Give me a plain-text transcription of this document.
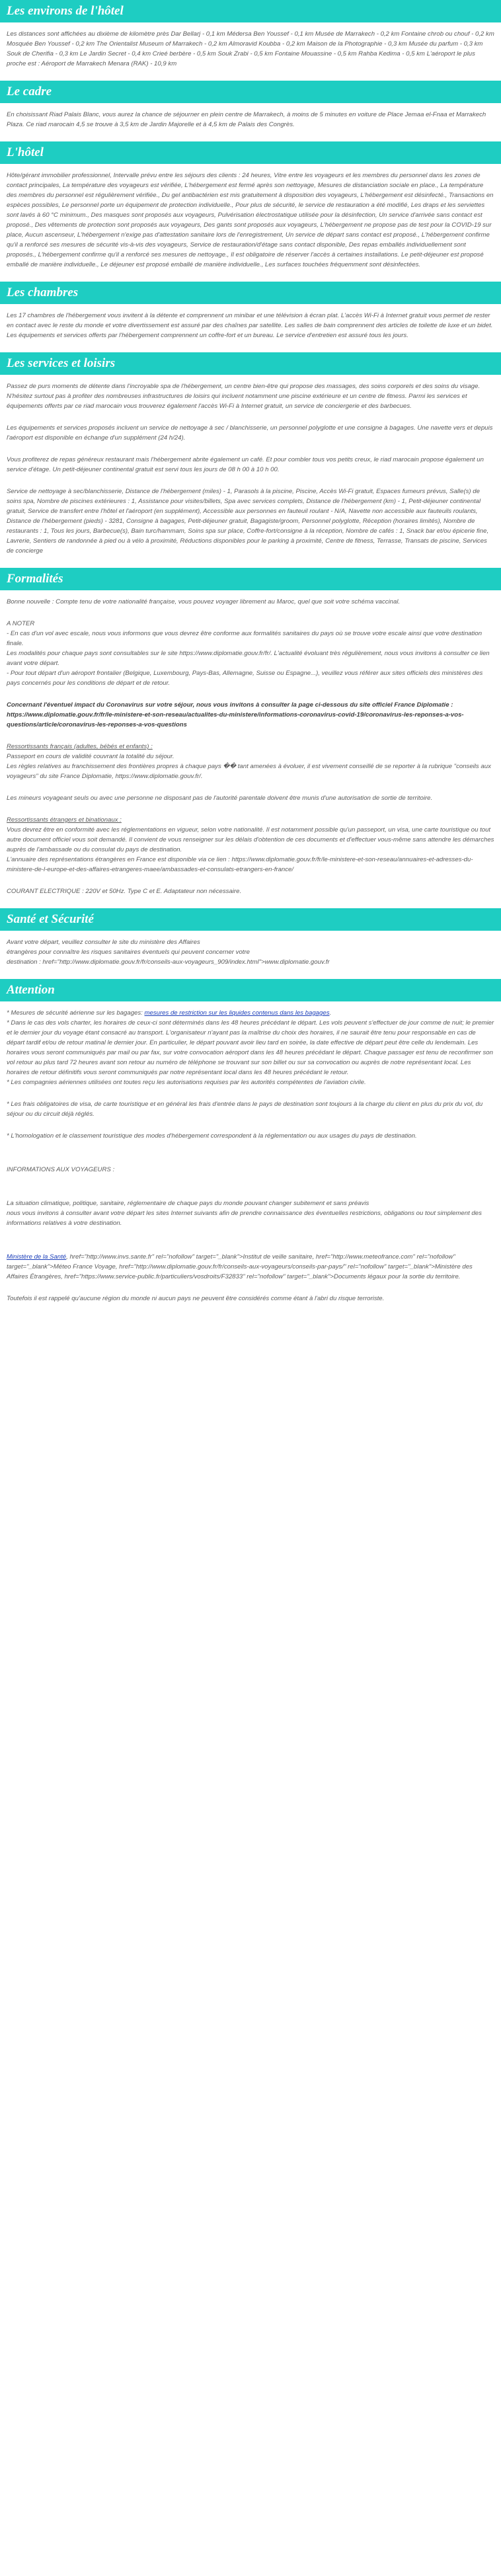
Les environs de l'hôtel

Les distances sont affichées au dixième de kilomètre près Dar Bellarj - 0,1 km Médersa Ben Youssef - 0,1 km Musée de Marrakech - 0,2 km Fontaine chrob ou chouf - 0,2 km Mosquée Ben Youssef - 0,2 km The Orientalist Museum of Marrakech - 0,2 km Almoravid Koubba - 0,2 km Maison de la Photographie - 0,3 km Musée du parfum - 0,3 km Souk de Cherifia - 0,3 km Le Jardin Secret - 0,4 km Crieé berbère - 0,5 km Souk Zrabi - 0,5 km Fontaine Mouassine - 0,5 km Rahba Kedima - 0,5 km L'aéroport le plus proche est : Aéroport de Marrakech Menara (RAK) - 10,9 km

Le cadre

En choisissant Riad Palais Blanc, vous aurez la chance de séjourner en plein centre de Marrakech, à moins de 5 minutes en voiture de Place Jemaa el-Fnaa et Marrakech Plaza. Ce riad marocain 4,5 se trouve à 3,5 km de Jardin Majorelle et à 4,5 km de Palais des Congrès.

L'hôtel

Hôte/gérant immobilier professionnel, Intervalle prévu entre les séjours des clients : 24 heures, Vitre entre les voyageurs et les membres du personnel dans les zones de contact principales, La température des voyageurs est vérifiée, L'hébergement est fermé après son nettoyage, Mesures de distanciation sociale en place., La température des membres du personnel est régulièrement vérifiée., Du gel antibactérien est mis gratuitement à disposition des voyageurs, L'hébergement est désinfecté., Transactions en espèces possibles, Le personnel porte un équipement de protection individuelle., Pour plus de sécurité, le service de restauration a été modifié, Les draps et les serviettes sont lavés à 60 °C minimum., Des masques sont proposés aux voyageurs, Pulvérisation électrostatique utilisée pour la désinfection, Un service d'arrivée sans contact est proposé., Des vêtements de protection sont proposés aux voyageurs, Des gants sont proposés aux voyageurs, L'hébergement ne propose pas de test pour la COVID-19 sur place, Aucun ascenseur, L'hébergement n'exige pas d'attestation sanitaire lors de l'enregistrement, Un service de départ sans contact est proposé., L'hébergement confirme qu'il a renforcé ses mesures de sécurité vis-à-vis des voyageurs, Service de restauration/d'étage sans contact disponible, Des repas emballés individuellement sont proposés., L'hébergement confirme qu'il a renforcé ses mesures de nettoyage., Il est obligatoire de réserver l'accès à certaines installations. Le petit-déjeuner est proposé emballé de manière individuelle., Le déjeuner est proposé emballé de manière individuelle., Les surfaces touchées fréquemment sont désinfectées.

Les chambres

Les 17 chambres de l'hébergement vous invitent à la détente et comprennent un minibar et une télévision à écran plat. L'accès Wi-Fi à Internet gratuit vous permet de rester en contact avec le reste du monde et votre divertissement est assuré par des chaînes par satellite. Les salles de bain comprennent des articles de toilette de luxe et un bidet. Les équipements et services offerts par l'hébergement comprennent un coffre-fort et un bureau. Le service d'entretien est assuré tous les jours.

Les services et loisirs

Passez de purs moments de détente dans l'incroyable spa de l'hébergement, un centre bien-être qui propose des massages, des soins corporels et des soins du visage. N'hésitez surtout pas à profiter des nombreuses infrastructures de loisirs qui incluent notamment une piscine extérieure et un centre de fitness. Parmi les services et équipements offerts par ce riad marocain vous trouverez également l'accès Wi-Fi à Internet gratuit, un service de conciergerie et des barbecues.

Les équipements et services proposés incluent un service de nettoyage à sec / blanchisserie, un personnel polyglotte et une consigne à bagages. Une navette vers et depuis l'aéroport est disponible en échange d'un supplément (24 h/24).

Vous profiterez de repas généreux restaurant mais l'hébergement abrite également un café. Et pour combler tous vos petits creux, le riad marocain propose également un service d'étage. Un petit-déjeuner continental gratuit est servi tous les jours de 08 h 00 à 10 h 00.

Service de nettoyage à sec/blanchisserie, Distance de l'hébergement (miles) - 1, Parasols à la piscine, Piscine, Accès Wi-Fi gratuit, Espaces fumeurs prévus, Salle(s) de soins spa, Nombre de piscines extérieures : 1, Assistance pour visites/billets, Spa avec services complets, Distance de l'hébergement (km) - 1, Petit-déjeuner continental gratuit, Service de transfert entre l'hôtel et l'aéroport (en supplément), Accessible aux personnes en fauteuil roulant - N/A, Navette non accessible aux fauteuils roulants, Distance de l'hébergement (pieds) - 3281, Consigne à bagages, Petit-déjeuner gratuit, Bagagiste/groom, Personnel polyglotte, Réception (horaires limités), Nombre de restaurants : 1, Tous les jours, Barbecue(s), Bain turc/hammam, Soins spa sur place, Coffre-fort/consigne à la réception, Nombre de cafés : 1, Snack bar et/ou épicerie fine, Lavrerie, Sentiers de randonnée à pied ou à vélo à proximité, Réductions disponibles pour le parking à proximité, Centre de fitness, Terrasse, Transats de piscine, Services de concierge

Formalités

Bonne nouvelle : Compte tenu de votre nationalité française, vous pouvez voyager librement au Maroc, quel que soit votre schéma vaccinal.

A NOTER
- En cas d'un vol avec escale, nous vous informons que vous devrez être conforme aux formalités sanitaires du pays où se trouve votre escale ainsi que votre destination finale.
Les modalités pour chaque pays sont consultables sur le site https://www.diplomatie.gouv.fr/fr/. L'actualité évoluant très régulièrement, nous vous invitons à consulter ce lien avant votre départ.
- Pour tout départ d'un aéroport frontalier (Belgique, Luxembourg, Pays-Bas, Allemagne, Suisse ou Espagne...), veuillez vous référer aux sites officiels des ministères des pays concernés pour les conditions de départ et de retour.

Concernant l'éventuel impact du Coronavirus sur votre séjour, nous vous invitons à consulter la page ci-dessous du site officiel France Diplomatie : https://www.diplomatie.gouv.fr/fr/le-ministere-et-son-reseau/actualites-du-ministere/informations-coronavirus-covid-19/coronavirus-les-reponses-a-vos-questions/article/coronavirus-les-reponses-a-vos-questions

Ressortissants français (adultes, bébés et enfants) :
Passeport en cours de validité couvrant la totalité du séjour.
Les règles relatives au franchissement des frontières propres à chaque pays �� tant amenées à évoluer, il est vivement conseillé de se reporter à la rubrique "conseils aux voyageurs" du site France Diplomatie, https://www.diplomatie.gouv.fr/.

Les mineurs voyageant seuls ou avec une personne ne disposant pas de l'autorité parentale doivent être munis d'une autorisation de sortie de territoire.

Ressortissants étrangers et binationaux :
Vous devrez être en conformité avec les réglementations en vigueur, selon votre nationalité. Il est notamment possible qu'un passeport, un visa, une carte touristique ou tout autre document officiel vous soit demandé. Il convient de vous renseigner sur les délais d'obtention de ces documents et d'effectuer vous-même sans attendre les démarches auprès de l'ambassade ou du consulat du pays de destination.
L'annuaire des représentations étrangères en France est disponible via ce lien : https://www.diplomatie.gouv.fr/fr/le-ministere-et-son-reseau/annuaires-et-adresses-du-ministere-de-l-europe-et-des-affaires-etrangeres-maee/ambassades-et-consulats-etrangers-en-france/

COURANT ELECTRIQUE : 220V et 50Hz. Type C et E. Adaptateur non nécessaire.

Santé et Sécurité
Avant votre départ, veuillez consulter le site du ministère des Affaires
étrangères pour connaître les risques sanitaires éventuels qui peuvent concerner votre
destination : href="http://www.diplomatie.gouv.fr/fr/conseils-aux-voyageurs_909/index.html">www.diplomatie.gouv.fr
Attention
* Mesures de sécurité aérienne sur les bagages: mesures de restriction sur les liquides contenus dans les bagages.
* Dans le cas des vols charter, les horaires de ceux-ci sont déterminés dans les 48 heures précédant le départ. Les vols peuvent s'effectuer de jour comme de nuit; le premier et le dernier jour du voyage étant consacré au transport. L'organisateur n'ayant pas la maîtrise du choix des horaires, il ne saurait être tenu pour responsable en cas de départ tardif et/ou de retour matinal le dernier jour. En particulier, le départ pouvant avoir lieu tard en soirée, la date effective de départ peut être celle du lendemain. Les horaires vous seront communiqués par mail ou par fax, sur votre convocation aéroport dans les 48 heures précédant le départ. Chaque passager est tenu de reconfirmer son vol retour au plus tard 72 heures avant son retour au numéro de téléphone se trouvant sur son billet ou sur sa convocation ou auprès de notre représentant local. Les horaires de retour définitifs vous seront communiqués par notre représentant local dans les 48 heures précédant le retour.
* Les compagnies aériennes utilisées ont toutes reçu les autorisations requises par les autorités compétentes de l'aviation civile.

* Les frais obligatoires de visa, de carte touristique et en général les frais d'entrée dans le pays de destination sont toujours à la charge du client en plus du prix du vol, du séjour ou du circuit déjà réglés.

* L'homologation et le classement touristique des modes d'hébergement correspondent à la réglementation ou aux usages du pays de destination.

INFORMATIONS AUX VOYAGEURS :

La situation climatique, politique, sanitaire, réglementaire de chaque pays du monde pouvant changer subitement et sans préavis
nous vous invitons à consulter avant votre départ les sites Internet suivants afin de prendre connaissance des éventuelles restrictions, obligations ou tout simplement des informations relatives à votre destination.

Ministère de la Santé, href="http://www.invs.sante.fr" rel="nofollow" target="_blank">Institut de veille sanitaire, href="http://www.meteofrance.com" rel="nofollow" target="_blank">Méteo France Voyage, href="http://www.diplomatie.gouv.fr/fr/conseils-aux-voyageurs/conseils-par-pays/" rel="nofollow" target="_blank">Ministère des Affaires Étrangères, href="https://www.service-public.fr/particuliers/vosdroits/F32833" rel="nofollow" target="_blank">Documents légaux pour la sortie du territoire.

Toutefois il est rappelé qu'aucune région du monde ni aucun pays ne peuvent être considérés comme étant à l'abri du risque terroriste.
